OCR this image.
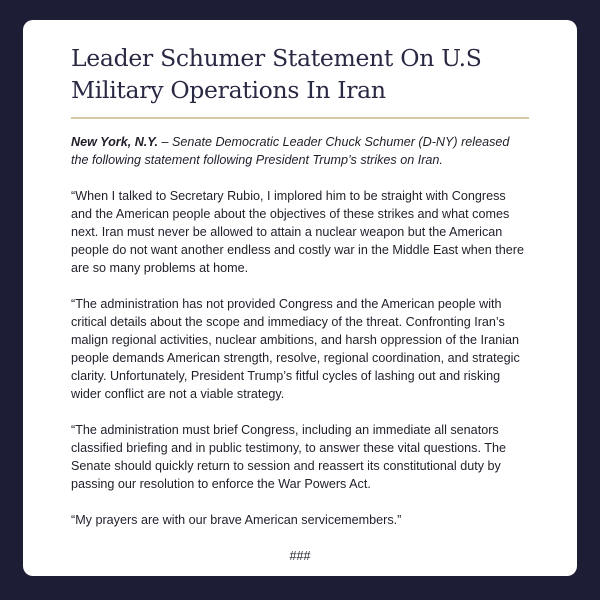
Leader Schumer Statement On U.S Military Operations In Iran

New York, N.Y. – Senate Democratic Leader Chuck Schumer (D-NY) released the following statement following President Trump’s strikes on Iran.

“When I talked to Secretary Rubio, I implored him to be straight with Congress and the American people about the objectives of these strikes and what comes next. Iran must never be allowed to attain a nuclear weapon but the American people do not want another endless and costly war in the Middle East when there are so many problems at home.

“The administration has not provided Congress and the American people with critical details about the scope and immediacy of the threat. Confronting Iran’s malign regional activities, nuclear ambitions, and harsh oppression of the Iranian people demands American strength, resolve, regional coordination, and strategic clarity. Unfortunately, President Trump’s fitful cycles of lashing out and risking wider conflict are not a viable strategy.

“The administration must brief Congress, including an immediate all senators classified briefing and in public testimony, to answer these vital questions. The Senate should quickly return to session and reassert its constitutional duty by passing our resolution to enforce the War Powers Act.

“My prayers are with our brave American servicemembers.”

###
